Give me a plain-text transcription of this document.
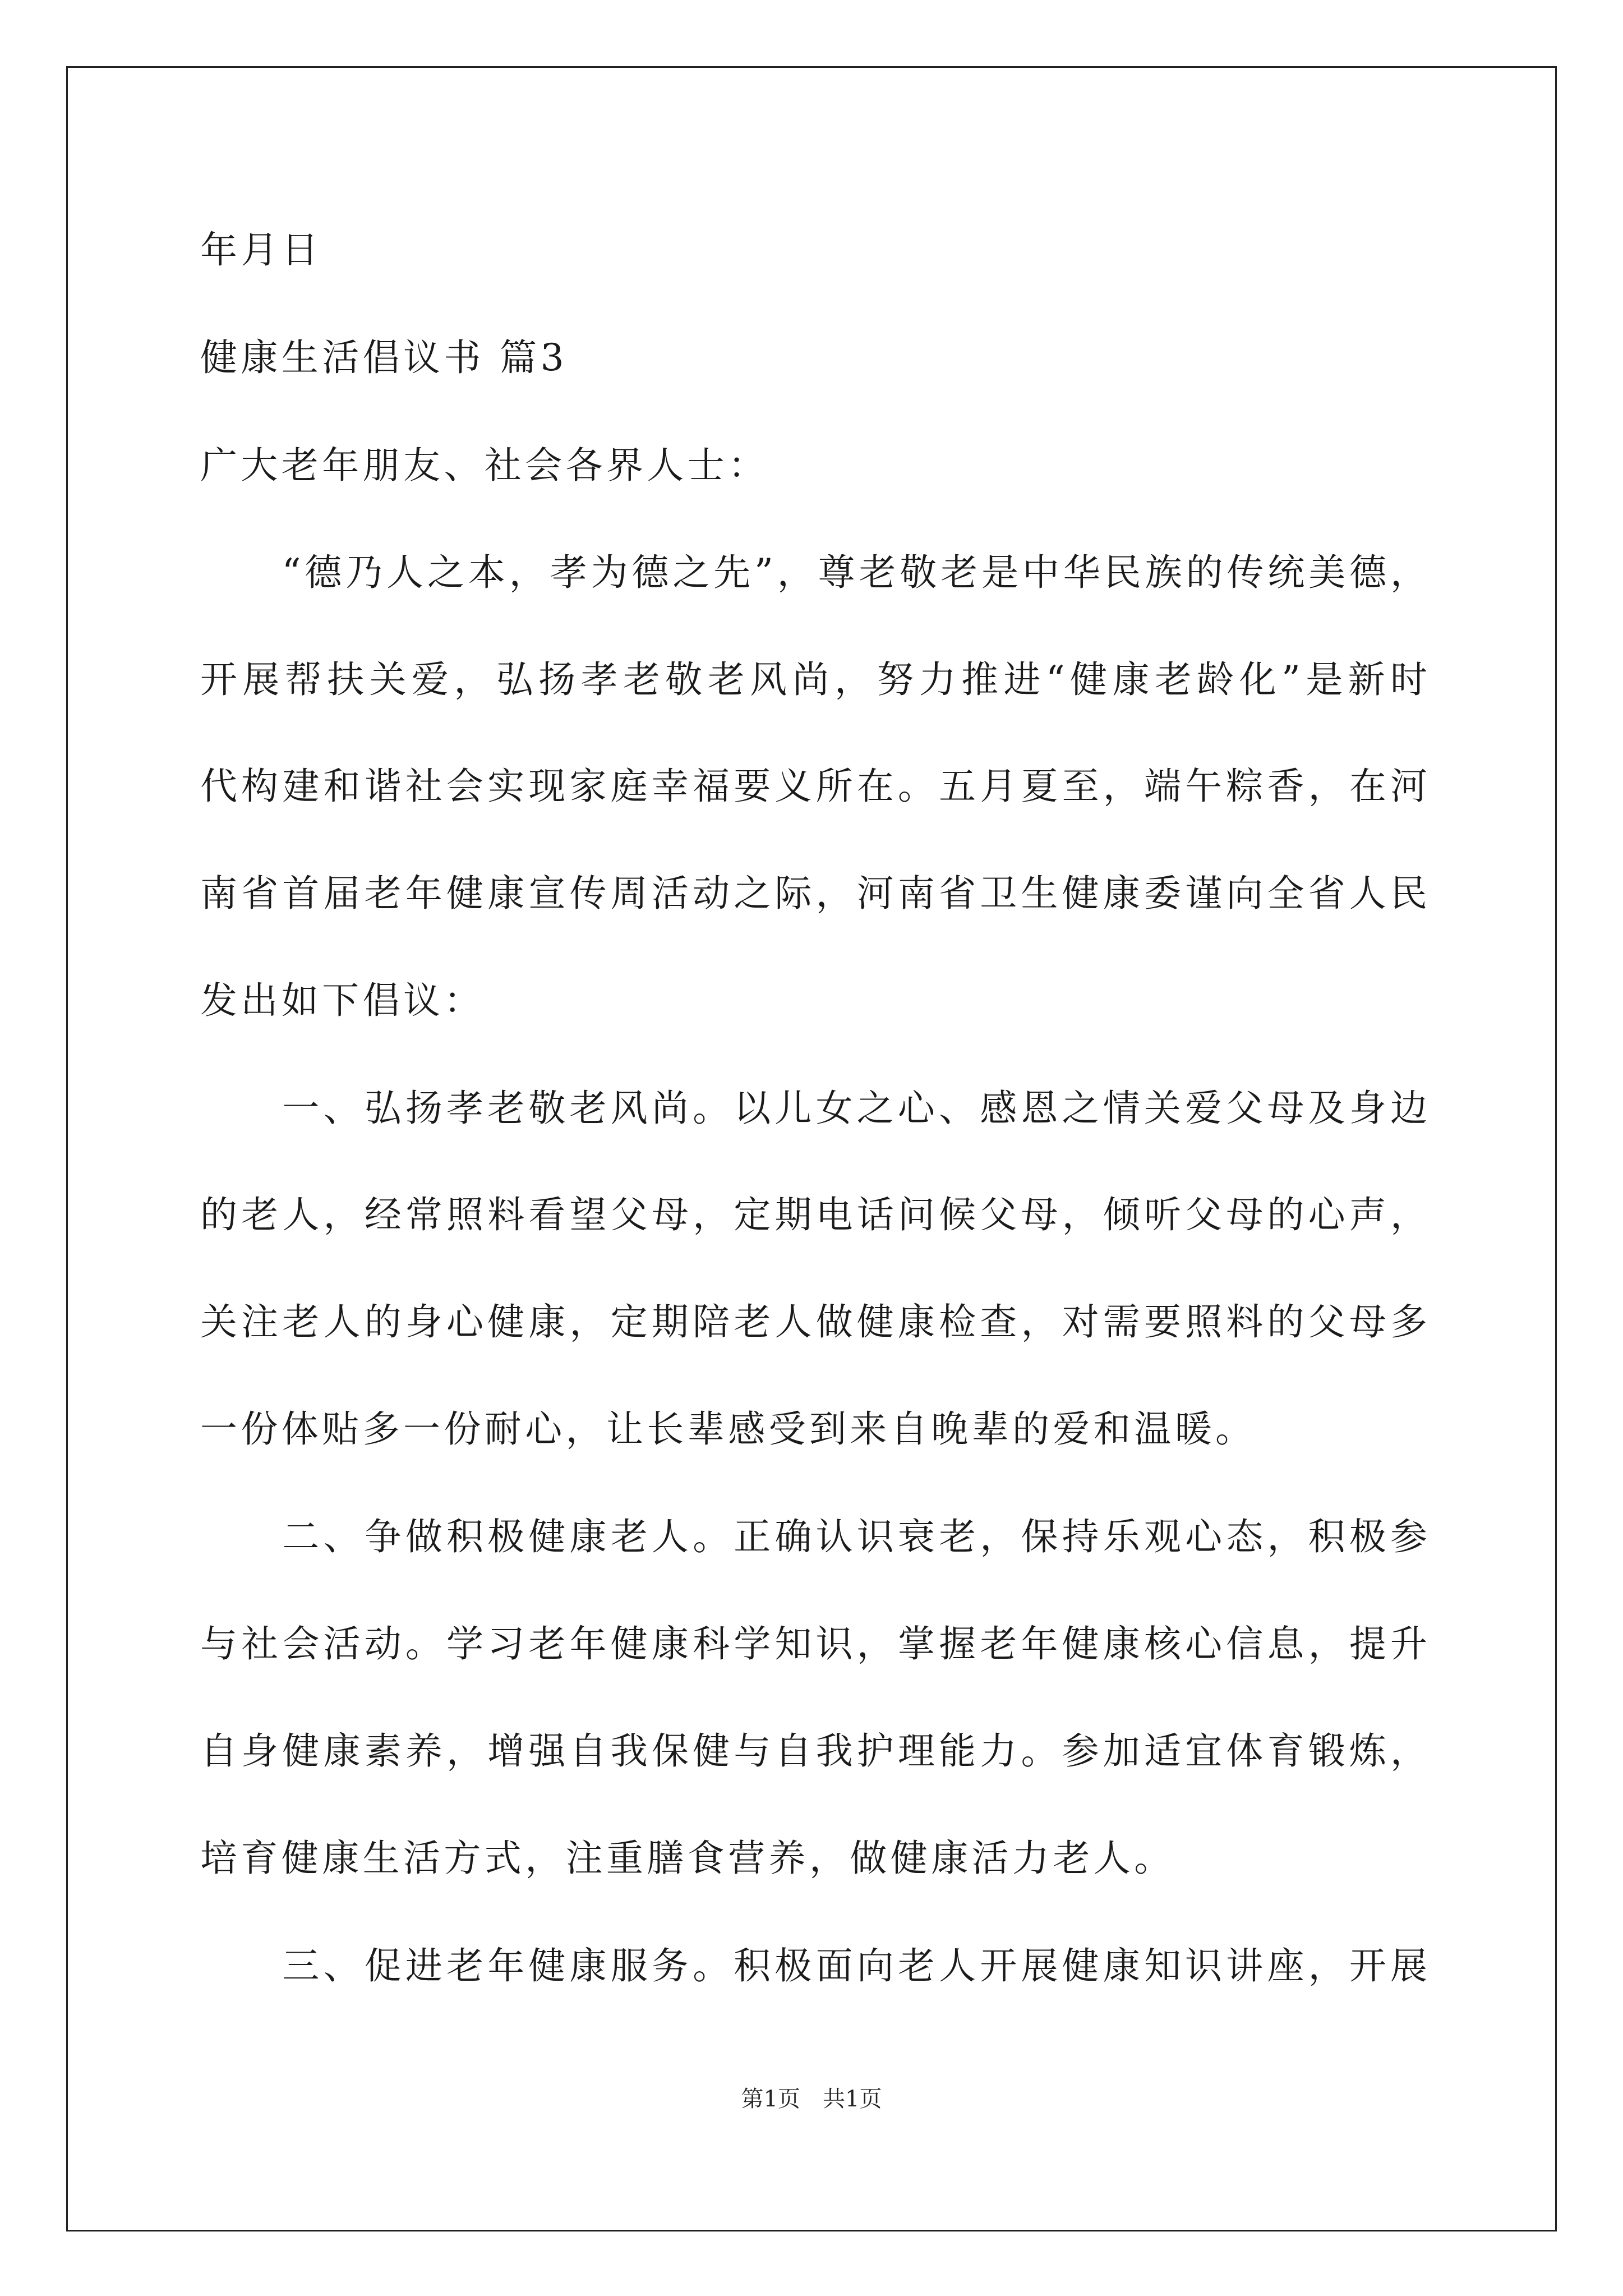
年月日
健康生活倡议书 篇3
广大老年朋友、社会各界人士：
　　“德乃人之本，孝为德之先”，尊老敬老是中华民族的传统美德，
开展帮扶关爱，弘扬孝老敬老风尚，努力推进“健康老龄化”是新时
代构建和谐社会实现家庭幸福要义所在。五月夏至，端午粽香，在河
南省首届老年健康宣传周活动之际，河南省卫生健康委谨向全省人民
发出如下倡议：
　　一、弘扬孝老敬老风尚。以儿女之心、感恩之情关爱父母及身边
的老人，经常照料看望父母，定期电话问候父母，倾听父母的心声，
关注老人的身心健康，定期陪老人做健康检查，对需要照料的父母多
一份体贴多一份耐心，让长辈感受到来自晚辈的爱和温暖。
　　二、争做积极健康老人。正确认识衰老，保持乐观心态，积极参
与社会活动。学习老年健康科学知识，掌握老年健康核心信息，提升
自身健康素养，增强自我保健与自我护理能力。参加适宜体育锻炼，
培育健康生活方式，注重膳食营养，做健康活力老人。
　　三、促进老年健康服务。积极面向老人开展健康知识讲座，开展
第1页　共1页
